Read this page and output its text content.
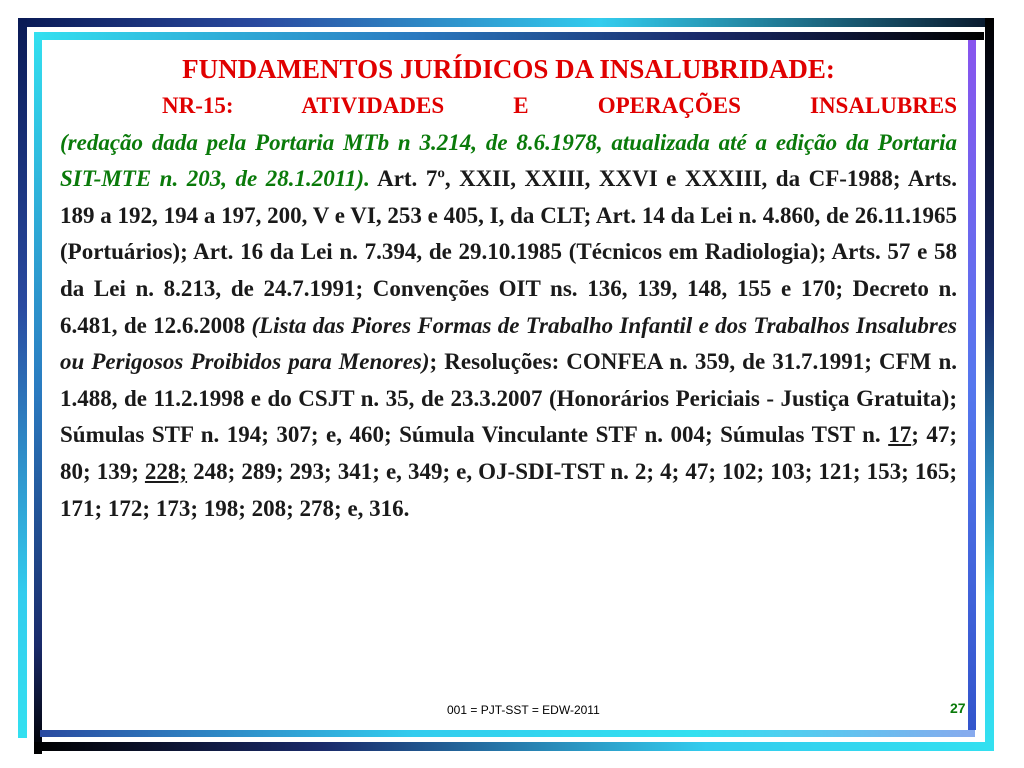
FUNDAMENTOS JURÍDICOS DA INSALUBRIDADE:

NR-15: ATIVIDADES E OPERAÇÕES INSALUBRES

(redação dada pela Portaria MTb n 3.214, de 8.6.1978, atualizada até a edição da Portaria SIT-MTE n. 203, de 28.1.2011). Art. 7º, XXII, XXIII, XXVI e XXXIII, da CF-1988; Arts. 189 a 192, 194 a 197, 200, V e VI, 253 e 405, I, da CLT; Art. 14 da Lei n. 4.860, de 26.11.1965 (Portuários); Art. 16 da Lei n. 7.394, de 29.10.1985 (Técnicos em Radiologia); Arts. 57 e 58 da Lei n. 8.213, de 24.7.1991; Convenções OIT ns. 136, 139, 148, 155 e 170; Decreto n. 6.481, de 12.6.2008 (Lista das Piores Formas de Trabalho Infantil e dos Trabalhos Insalubres ou Perigosos Proibidos para Menores); Resoluções: CONFEA n. 359, de 31.7.1991; CFM n. 1.488, de 11.2.1998 e do CSJT n. 35, de 23.3.2007 (Honorários Periciais - Justiça Gratuita); Súmulas STF n. 194; 307; e, 460; Súmula Vinculante STF n. 004; Súmulas TST n. 17; 47; 80; 139; 228; 248; 289; 293; 341; e, 349; e, OJ-SDI-TST n. 2; 4; 47; 102; 103; 121; 153; 165; 171; 172; 173; 198; 208; 278; e, 316.

001 = PJT-SST = EDW-2011	27
